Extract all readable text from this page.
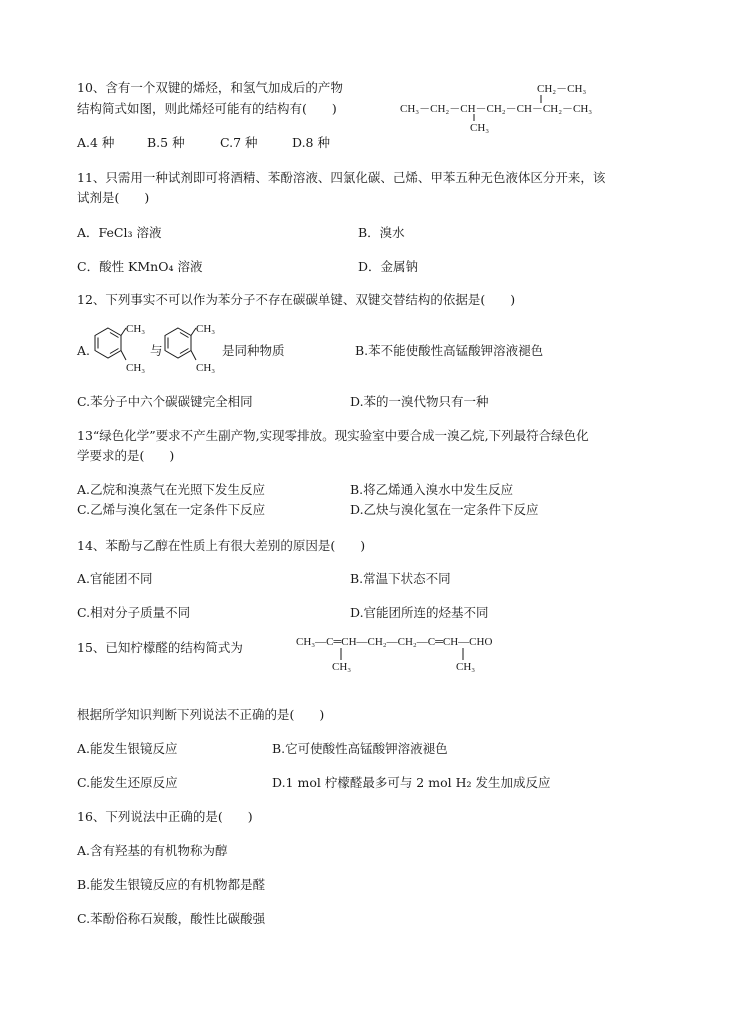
10、含有一个双键的烯烃，和氢气加成后的产物
结构简式如图，则此烯烃可能有的结构有(　　)
CH₂－CH₃
CH₃－CH₂－CH－CH₂－CH－CH₂－CH₃
CH₃
A.4 种	B.5 种	C.7 种	D.8 种
11、只需用一种试剂即可将酒精、苯酚溶液、四氯化碳、己烯、甲苯五种无色液体区分开来，该
试剂是(　　)
A．FeCl₃ 溶液	B．溴水
C．酸性 KMnO₄ 溶液	D．金属钠
12、下列事实不可以作为苯分子不存在碳碳单键、双键交替结构的依据是(　　)
A.
CH₃
CH₃
与
CH₃
CH₃
是同种物质	B.苯不能使酸性高锰酸钾溶液褪色
C.苯分子中六个碳碳键完全相同	D.苯的一溴代物只有一种
13“绿色化学”要求不产生副产物,实现零排放。现实验室中要合成一溴乙烷,下列最符合绿色化
学要求的是(　　)
A.乙烷和溴蒸气在光照下发生反应	B.将乙烯通入溴水中发生反应
C.乙烯与溴化氢在一定条件下反应	D.乙炔与溴化氢在一定条件下反应
14、苯酚与乙醇在性质上有很大差别的原因是(　　)
A.官能团不同	B.常温下状态不同
C.相对分子质量不同	D.官能团所连的烃基不同
15、已知柠檬醛的结构简式为	CH₃—C═CH—CH₂—CH₂—C═CH—CHO
CH₃	CH₃
根据所学知识判断下列说法不正确的是(　　)
A.能发生银镜反应	B.它可使酸性高锰酸钾溶液褪色
C.能发生还原反应	D.1 mol 柠檬醛最多可与 2 mol H₂ 发生加成反应
16、下列说法中正确的是(　　)
A.含有羟基的有机物称为醇
B.能发生银镜反应的有机物都是醛
C.苯酚俗称石炭酸，酸性比碳酸强
